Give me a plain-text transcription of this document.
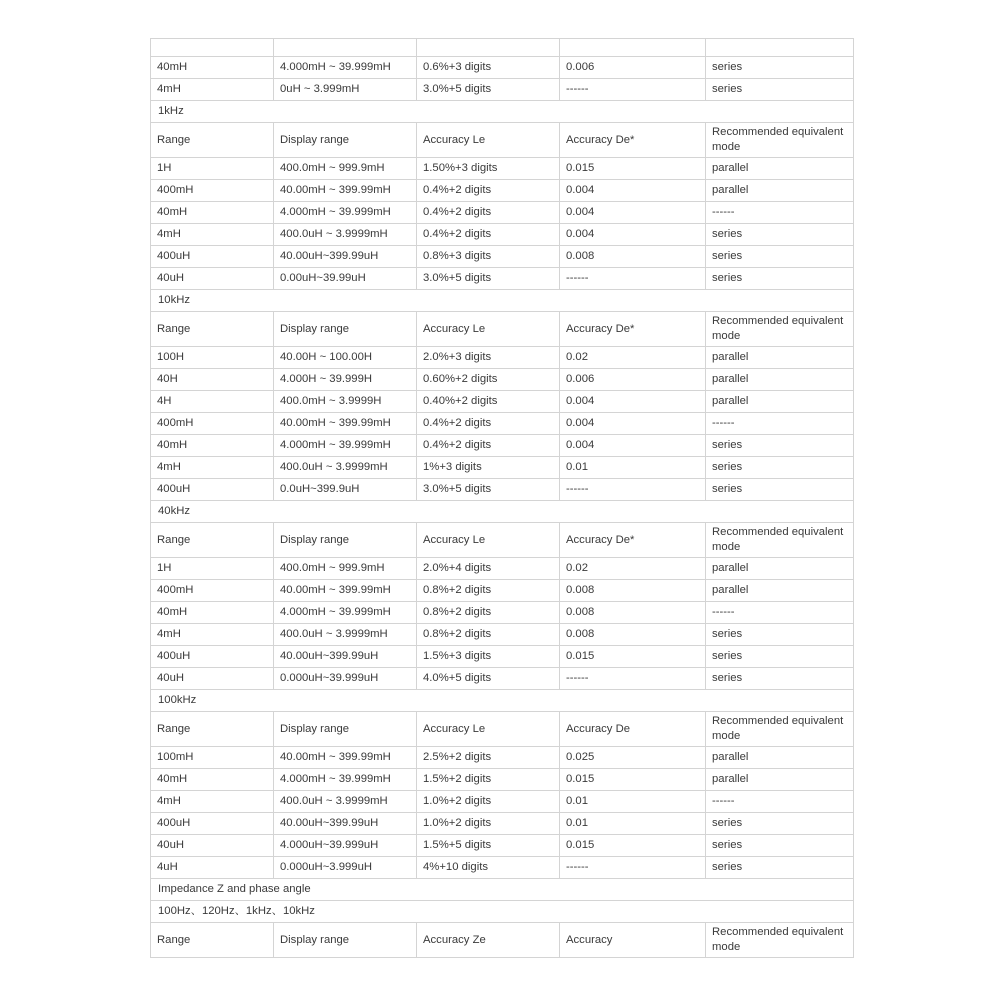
40mH	4.000mH ~ 39.999mH	0.6%+3 digits	0.006	series
4mH	0uH ~ 3.999mH	3.0%+5 digits	------	series
1kHz				
Range	Display range	Accuracy Le	Accuracy De*	Recommended equivalent mode
1H	400.0mH ~ 999.9mH	1.50%+3 digits	0.015	parallel
400mH	40.00mH ~ 399.99mH	0.4%+2 digits	0.004	parallel
40mH	4.000mH ~ 39.999mH	0.4%+2 digits	0.004	------
4mH	400.0uH ~ 3.9999mH	0.4%+2 digits	0.004	series
400uH	40.00uH~399.99uH	0.8%+3 digits	0.008	series
40uH	0.00uH~39.99uH	3.0%+5 digits	------	series
10kHz				
Range	Display range	Accuracy Le	Accuracy De*	Recommended equivalent mode
100H	40.00H ~ 100.00H	2.0%+3 digits	0.02	parallel
40H	4.000H ~ 39.999H	0.60%+2 digits	0.006	parallel
4H	400.0mH ~ 3.9999H	0.40%+2 digits	0.004	parallel
400mH	40.00mH ~ 399.99mH	0.4%+2 digits	0.004	------
40mH	4.000mH ~ 39.999mH	0.4%+2 digits	0.004	series
4mH	400.0uH ~ 3.9999mH	1%+3 digits	0.01	series
400uH	0.0uH~399.9uH	3.0%+5 digits	------	series
40kHz				
Range	Display range	Accuracy Le	Accuracy De*	Recommended equivalent mode
1H	400.0mH ~ 999.9mH	2.0%+4 digits	0.02	parallel
400mH	40.00mH ~ 399.99mH	0.8%+2 digits	0.008	parallel
40mH	4.000mH ~ 39.999mH	0.8%+2 digits	0.008	------
4mH	400.0uH ~ 3.9999mH	0.8%+2 digits	0.008	series
400uH	40.00uH~399.99uH	1.5%+3 digits	0.015	series
40uH	0.000uH~39.999uH	4.0%+5 digits	------	series
100kHz				
Range	Display range	Accuracy Le	Accuracy De	Recommended equivalent mode
100mH	40.00mH ~ 399.99mH	2.5%+2 digits	0.025	parallel
40mH	4.000mH ~ 39.999mH	1.5%+2 digits	0.015	parallel
4mH	400.0uH ~ 3.9999mH	1.0%+2 digits	0.01	------
400uH	40.00uH~399.99uH	1.0%+2 digits	0.01	series
40uH	4.000uH~39.999uH	1.5%+5 digits	0.015	series
4uH	0.000uH~3.999uH	4%+10 digits	------	series
Impedance Z and phase angle				
100Hz、120Hz、1kHz、10kHz				
Range	Display range	Accuracy Ze	Accuracy	Recommended equivalent mode
